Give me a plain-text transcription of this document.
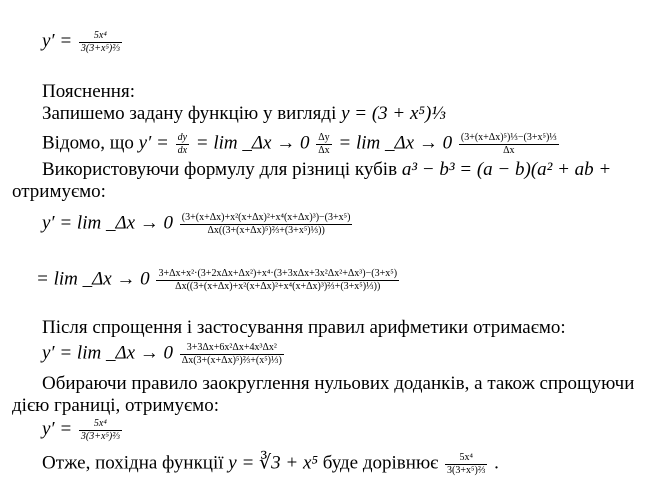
$y' = \frac{\text{5x⁴}}{\text{3(3+x⁵)⅔}}$
Пояснення:
Запишемо задану функцію у вигляді y = (3 + x⁵)⅓
Відомо, що $y' = \frac{dy}{dx} = \lim$ _Δx → $0 \frac{\Delta y}{\Delta x} = \lim$ _Δx → $0 \frac{\text{(3+(x+Δx)⁵)⅓−(3+x⁵)⅓}}{\Delta x}$
Використовуючи формулу для різниці кубів a³ − b³ = (a − b)(a² + ab +
отримуємо:
y′ = lim _Δx → $0 \frac{\text{(3+(x+Δx)+x²(x+Δx)²+x⁴(x+Δx)³)−(3+x⁵)}}{\text{Δx((3+(x+Δx)⁵)⅔+(3+x⁵)⅓))}}$
= lim _Δx → $0 \frac{\text{3+Δx+x²·(3+2xΔx+Δx²)+x⁴·(3+3xΔx+3x²Δx²+Δx³)−(3+x⁵)}}{\text{Δx((3+(x+Δx)+x²(x+Δx)²+x⁴(x+Δx)³)⅔+(3+x⁵)⅓))}}$
Після спрощення і застосування правил арифметики отримаємо:
y′ = lim _Δx → $0 \frac{\text{3+3Δx+6x²Δx+4x³Δx²}}{\text{Δx(3+(x+Δx)⁵)⅔+(x⁵)⅓)}}$
Обираючи правило заокруглення нульових доданків, а також спрощуючи
дією границі, отримуємо:
$y' = \frac{\text{5x⁴}}{\text{3(3+x⁵)⅔}}$
Отже, похідна функції y = ∛3 + x⁵ буде дорівнює $\frac{\text{5x⁴}}{\text{3(3+x⁵)⅔}}$ .
